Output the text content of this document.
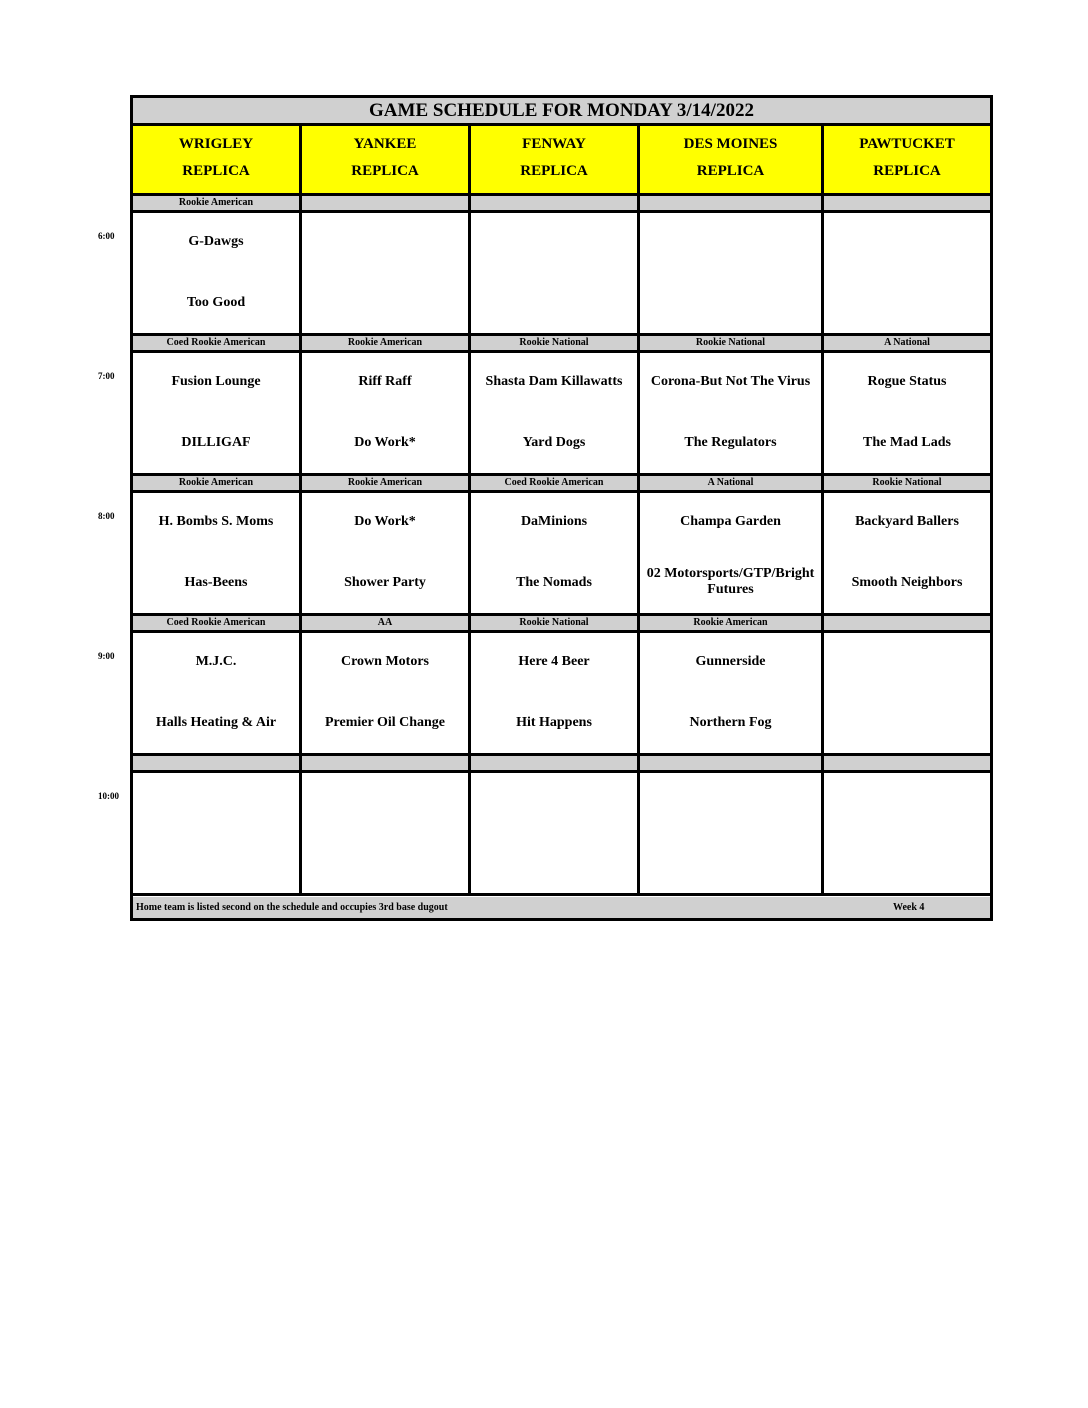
GAME SCHEDULE FOR MONDAY 3/14/2022
WRIGLEY
REPLICA
YANKEE
REPLICA
FENWAY
REPLICA
DES MOINES
REPLICA
PAWTUCKET
REPLICA
Rookie American
G-Dawgs
Too Good
Coed Rookie American
Fusion Lounge
DILLIGAF
Rookie American
Riff Raff
Do Work*
Rookie National
Shasta Dam Killawatts
Yard Dogs
Rookie National
Corona-But Not The Virus
The Regulators
A National
Rogue Status
The Mad Lads
Rookie American
H. Bombs S. Moms
Has-Beens
Rookie American
Do Work*
Shower Party
Coed Rookie American
DaMinions
The Nomads
A National
Champa Garden
02 Motorsports/GTP/Bright Futures
Rookie National
Backyard Ballers
Smooth Neighbors
Coed Rookie American
M.J.C.
Halls Heating & Air
AA
Crown Motors
Premier Oil Change
Rookie National
Here 4 Beer
Hit Happens
Rookie American
Gunnerside
Northern Fog
Home team is listed second on the schedule and occupies 3rd base dugout	Week 4
6:00
7:00
8:00
9:00
10:00
